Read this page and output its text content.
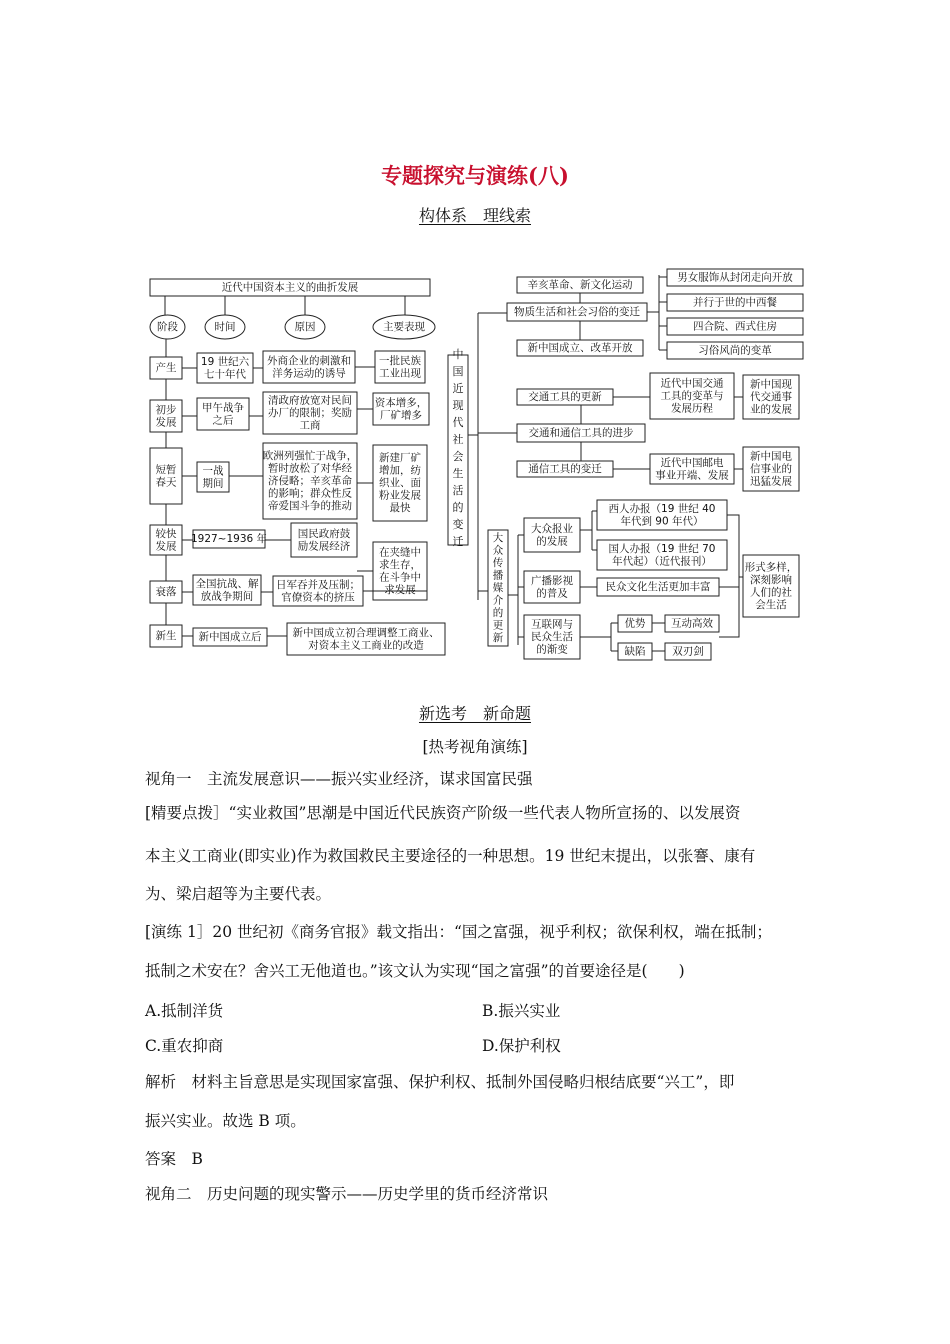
专题探究与演练(八)
构体系　理线索
近代中国资本主义的曲折发展
阶段	时间	原因	主要表现
产生
19 世纪六
七十年代
外商企业的刺激和
洋务运动的诱导
一批民族
工业出现
初步
发展
甲午战争
之后
清政府放宽对民间
办厂的限制；奖励
工商
资本增多，
厂矿增多
短暂
春天
一战
期间
欧洲列强忙于战争，
暂时放松了对华经
济侵略；辛亥革命
的影响；群众性反
帝爱国斗争的推动
新建厂矿
增加，纺
织业、面
粉业发展
最快
较快
发展
1927~1936 年	国民政府鼓
励发展经济	在夹缝中
求生存，
在斗争中
求发展
衰落
全国抗战、解
放战争期间
日军吞并及压制；
官僚资本的挤压
新生 新中国成立后	新中国成立初合理调整工商业、
对资本主义工商业的改造
中
国
近
现
代
社
会
生
活
的
变
迁
物质生活和社会习俗的变迁
辛亥革命、新文化运动
新中国成立、改革开放
男女服饰从封闭走向开放
并行于世的中西餐
四合院、西式住房
习俗风尚的变革
交通和通信工具的进步
交通工具的更新
近代中国交通
工具的变革与
发展历程
新中国现
代交通事
业的发展
通信工具的变迁
近代中国邮电
事业开端、发展
新中国电
信事业的
迅猛发展
大
众
传
播
媒
介
的
更
新
大众报业
的发展
广播影视
的普及
互联网与
民众生活
的渐变
西人办报（19 世纪 40
年代到 90 年代）
国人办报（19 世纪 70
年代起）（近代报刊）
民众文化生活更加丰富
优势
缺陷
互动高效
双刃剑
形式多样，
深刻影响
人们的社
会生活
新选考　新命题
[热考视角演练]
视角一　主流发展意识——振兴实业经济，谋求国富民强
[精要点拨］“实业救国”思潮是中国近代民族资产阶级一些代表人物所宣扬的、以发展资
本主义工商业(即实业)作为救国救民主要途径的一种思想。19 世纪末提出，以张謇、康有
为、梁启超等为主要代表。
[演练 1］20 世纪初《商务官报》载文指出：“国之富强，视乎利权；欲保利权，端在抵制；
抵制之术安在？舍兴工无他道也。”该文认为实现“国之富强”的首要途径是(　　)
A.抵制洋货	B.振兴实业
C.重农抑商	D.保护利权
解析　材料主旨意思是实现国家富强、保护利权、抵制外国侵略归根结底要“兴工”，即
振兴实业。故选 B 项。
答案　B
视角二　历史问题的现实警示——历史学里的货币经济常识
